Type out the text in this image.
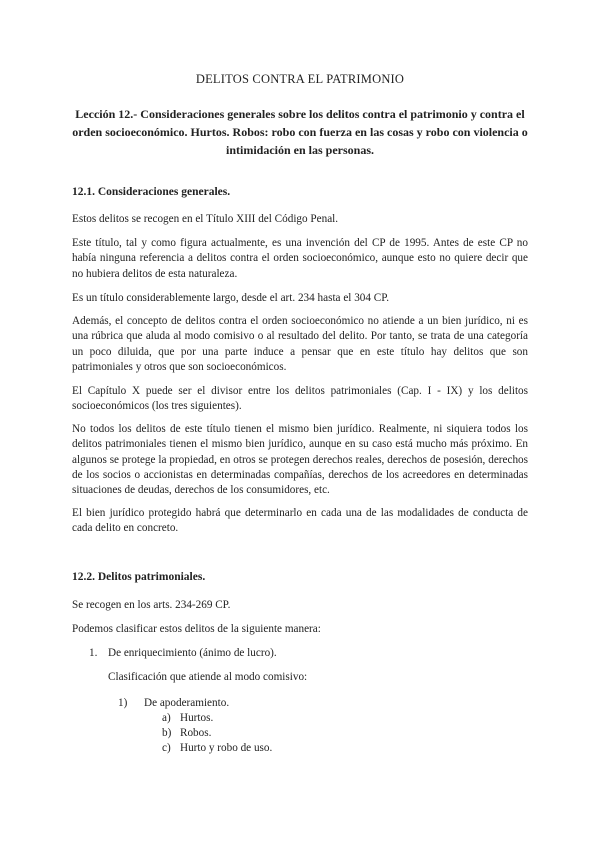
DELITOS CONTRA EL PATRIMONIO
Lección 12.- Consideraciones generales sobre los delitos contra el patrimonio y contra el orden socioeconómico. Hurtos. Robos: robo con fuerza en las cosas y robo con violencia o intimidación en las personas.
12.1. Consideraciones generales.

Estos delitos se recogen en el Título XIII del Código Penal.

Este título, tal y como figura actualmente, es una invención del CP de 1995. Antes de este CP no había ninguna referencia a delitos contra el orden socioeconómico, aunque esto no quiere decir que no hubiera delitos de esta naturaleza.

Es un título considerablemente largo, desde el art. 234 hasta el 304 CP.

Además, el concepto de delitos contra el orden socioeconómico no atiende a un bien jurídico, ni es una rúbrica que aluda al modo comisivo o al resultado del delito. Por tanto, se trata de una categoría un poco diluida, que por una parte induce a pensar que en este título hay delitos que son patrimoniales y otros que son socioeconómicos.

El Capítulo X puede ser el divisor entre los delitos patrimoniales (Cap. I - IX) y los delitos socioeconómicos (los tres siguientes).

No todos los delitos de este título tienen el mismo bien jurídico. Realmente, ni siquiera todos los delitos patrimoniales tienen el mismo bien jurídico, aunque en su caso está mucho más próximo. En algunos se protege la propiedad, en otros se protegen derechos reales, derechos de posesión, derechos de los socios o accionistas en determinadas compañías, derechos de los acreedores en determinadas situaciones de deudas, derechos de los consumidores, etc.

El bien jurídico protegido habrá que determinarlo en cada una de las modalidades de conducta de cada delito en concreto.

12.2. Delitos patrimoniales.

Se recogen en los arts. 234-269 CP.

Podemos clasificar estos delitos de la siguiente manera:

1. De enriquecimiento (ánimo de lucro).
Clasificación que atiende al modo comisivo:
1) De apoderamiento.
a) Hurtos.
b) Robos.
c) Hurto y robo de uso.
